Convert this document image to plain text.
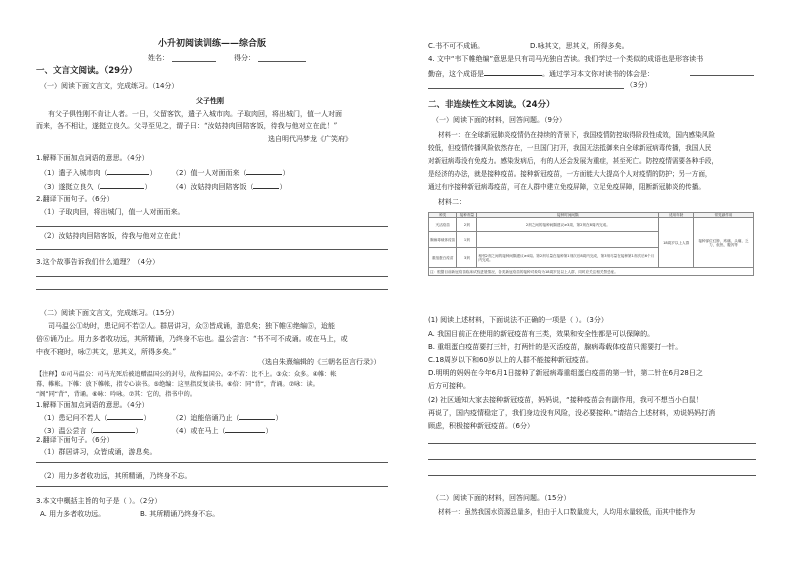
小升初阅读训练——综合版
姓名：	得分：
一、文言文阅读。（29分）
（一）阅读下面文言文，完成练习。（14分）
父子性刚
有父子俱性刚不肯让人者。一日，父留客饮，遣子入城市肉。子取肉回，将出城门，值一人对面
而来，各不相让，遂挺立良久。父寻至见之，谓子曰：“汝姑持肉回陪客饭，待我与他对立在此！”
选自明代冯梦龙《广笑府》
1.解释下面加点词语的意思。（4分）
（1）遣子入城市肉（	） （2）值一人对面而来（	）
（3）遂挺立良久（	）	（4）汝姑持肉回陪客饭（	）
2.翻译下面句子。（6分）
（1）子取肉回，将出城门，值一人对面而来。
（2）汝姑持肉回陪客饭，待我与他对立在此！
3.这个故事告诉我们什么道理？（4分）
（二）阅读下面文言文，完成练习。（15分）
司马温公①幼时，患记问不若②人。群居讲习，众③皆成诵，游息矣；独下帷④绝编⑤，迨能
倍⑥诵乃止。用力多者收功远，其所精诵，乃终身不忘也。温公尝言：“书不可不成诵。或在马上，或
中夜不寝时，咏⑦其文，思其义，所得多矣。”
（选自朱熹编辑的《三朝名臣言行录》）
【注释】①司马温公：司马光死后被追赠温国公的封号，故称温国公。②不若：比不上。③众：众多。④帷：帐
幕、帷帐。下帷：放下帷帐，指专心读书。⑤绝编：这里指反复读书。⑥倍：同“背”，背诵。⑦咏：读。
“阁”同“背”，背诵。⑥咏：吟咏。⑦其：它的，指书中的。
1.解释下面加点词语的意思。（4分）
（1）患记问不若人（	）	（2）迨能倍诵乃止（	）
（3）温公尝言（	）	（4）或在马上（	）
2.翻译下面句子。（6分）
（1）群居讲习，众皆成诵，游息矣。
（2）用力多者收功远，其所精诵，乃终身不忘。
3.本文中概括主旨的句子是（ ）。（2分）
A. 用力多者收功远。	B. 其所精诵乃终身不忘。
C.书不可不成诵。	D.咏其文，思其义，所得多矣。
4. 文中“韦下帷绝编”意思是只有司马光独自苦读。我们学过一个类似的成语也是形容读书
勤奋，这个成语是	。通过学习本文你对读书的体会是：
（3分）
二、非连续性文本阅读。（24分）
（一）阅读下面的材料，回答问题。（9分）
材料一：在全球新冠肺炎疫情仍在持续的背景下，我国疫情防控取得阶段性成效，国内感染风险
较低，但疫情传播风险依然存在，一旦国门打开，我国无法抵御来自全球新冠病毒传播，我国人民
对新冠病毒没有免疫力。感染发病后，有的人还会发展为重症，甚至死亡。防控疫情需要各种手段，
是经济的办法，就是接种疫苗。接种新冠疫苗，一方面能大大提高个人对疫情的防护；另一方面，
通过有序接种新冠病毒疫苗，可在人群中建立免疫屏障，立足免疫屏障，阻断新冠肺炎的传播。
材料二：
种类	接种剂量	接种时间间隔	适用年龄	常见副作用
灭活疫苗	2剂	2剂之间的接种间隔建议≥3周，第2剂在8周内完成。	18周岁以上人群	接种部位红肿，疼痛，头痛，乏力，低热，腹泻等
腺病毒载体疫苗	1剂			
重组蛋白疫苗	3剂	相邻2剂之间的接种间隔建议≥4周。第2剂尽量在接种第1剂次后8周内完成，第3剂尽量在接种第1剂次后6个月内完成。		
注：根据目前新冠疫苗临床试验进展情况，各类新冠疫苗的接种对象均为18周岁及以上人群，同时应关注相关禁忌症。				
(1) 阅读上述材料，下面说法不正确的一项是（ ）。（3分）
A. 我国目前正在使用的新冠疫苗有三类，效果和安全性都是可以保障的。
B. 重组蛋白疫苗要打三针，打两针的是灭活疫苗，腺病毒载体疫苗只需要打一针。
C.18周岁以下和60岁以上的人群不能接种新冠疫苗。
D.明明的妈妈在今年6月1日接种了新冠病毒重组蛋白疫苗的第一针，第二针在6月28日之
后方可接种。
(2) 社区通知大家去接种新冠疫苗，妈妈说，“接种疫苗会有副作用，我可不想当小白鼠！
再说了，国内疫情稳定了，我们身边没有风险，没必要接种。”请结合上述材料，劝说妈妈打消
顾虑，积极接种新冠疫苗。（6分）
（二）阅读下面的材料，回答问题。（15分）
材料一：虽然我国水资源总量多，但由于人口数量庞大，人均用水量较低，而其中能作为
